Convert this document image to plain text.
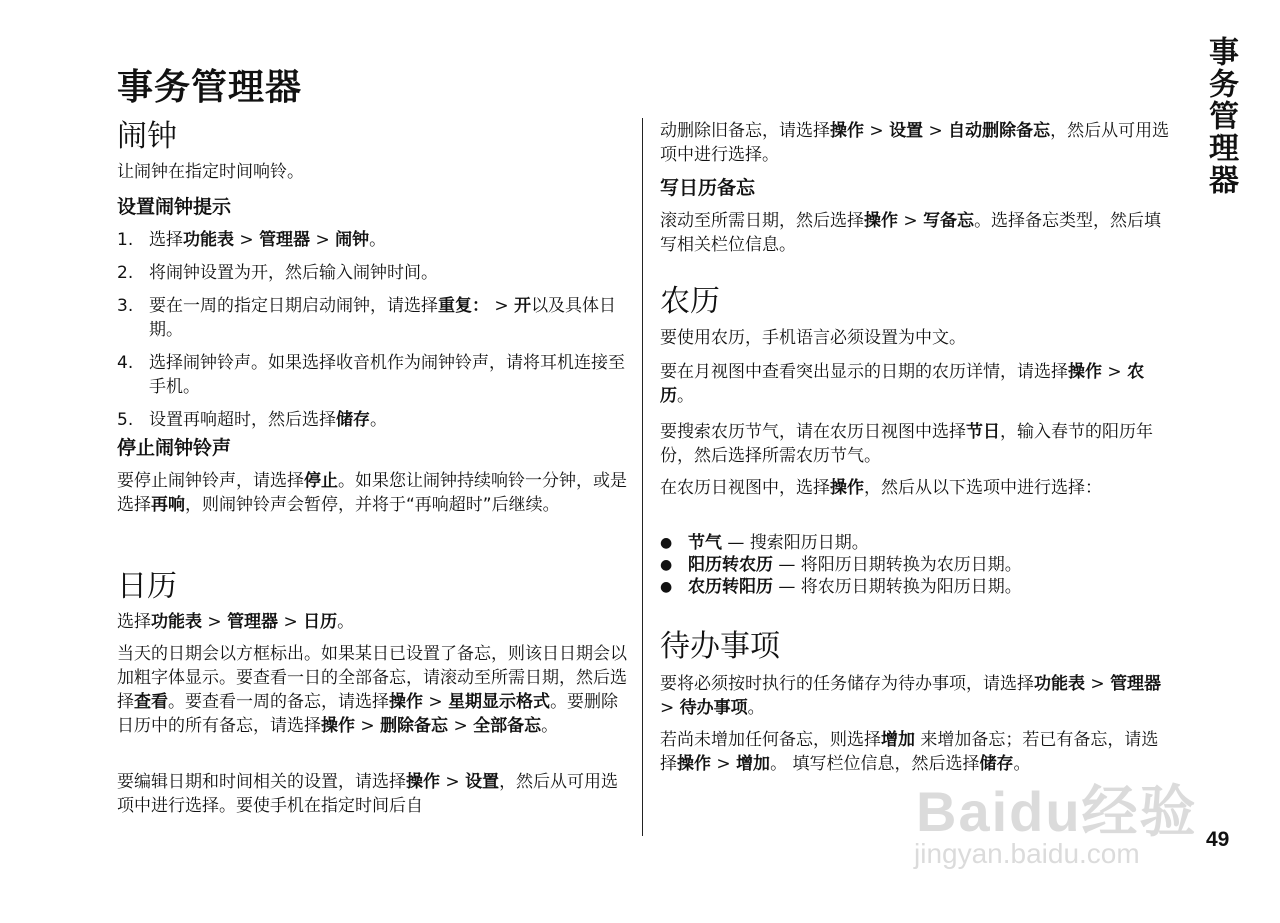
事务管理器
闹钟

让闹钟在指定时间响铃。

设置闹钟提示
1. 选择功能表 > 管理器 > 闹钟。
2. 将闹钟设置为开，然后输入闹钟时间。
3. 要在一周的指定日期启动闹钟，请选择重复： > 开以及具体日期。
4. 选择闹钟铃声。如果选择收音机作为闹钟铃声，请将耳机连接至手机。
5. 设置再响超时，然后选择储存。
停止闹钟铃声

要停止闹钟铃声，请选择停止。如果您让闹钟持续响铃一分钟，或是选择再响，则闹钟铃声会暂停，并将于“再响超时”后继续。

日历

选择功能表 > 管理器 > 日历。

当天的日期会以方框标出。如果某日已设置了备忘，则该日日期会以加粗字体显示。要查看一日的全部备忘，请滚动至所需日期，然后选择查看。要查看一周的备忘，请选择操作 > 星期显示格式。要删除日历中的所有备忘，请选择操作 > 删除备忘 > 全部备忘。

要编辑日期和时间相关的设置，请选择操作 > 设置，然后从可用选项中进行选择。要使手机在指定时间后自

动删除旧备忘，请选择操作 > 设置 > 自动删除备忘，然后从可用选项中进行选择。

写日历备忘

滚动至所需日期，然后选择操作 > 写备忘。选择备忘类型，然后填写相关栏位信息。

农历

要使用农历，手机语言必须设置为中文。

要在月视图中查看突出显示的日期的农历详情，请选择操作 > 农历。

要搜索农历节气，请在农历日视图中选择节日，输入春节的阳历年份，然后选择所需农历节气。

在农历日视图中，选择操作，然后从以下选项中进行选择：

● 节气 — 搜索阳历日期。
● 阳历转农历 — 将阳历日期转换为农历日期。
● 农历转阳历 — 将农历日期转换为阳历日期。
待办事项

要将必须按时执行的任务储存为待办事项，请选择功能表 > 管理器 > 待办事项。

若尚未增加任何备忘，则选择增加 来增加备忘；若已有备忘，请选择操作 > 增加。 填写栏位信息，然后选择储存。

事务管理器
Baidu经验
jingyan.baidu.com	49
